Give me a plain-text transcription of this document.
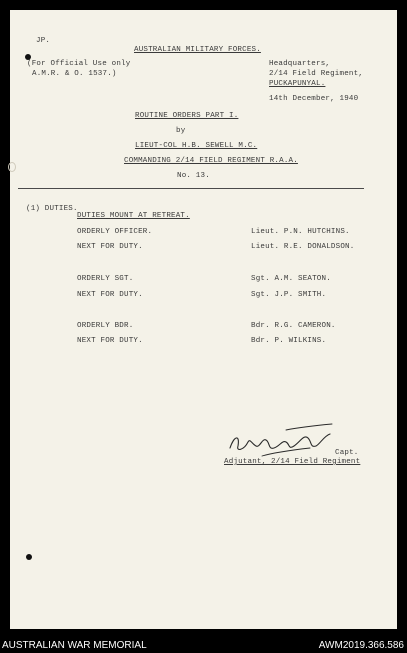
JP.
AUSTRALIAN MILITARY FORCES.
(For Official Use only
A.M.R. & O. 1537.)
Headquarters,
2/14 Field Regiment,
PUCKAPUNYAL.
14th December, 1940
ROUTINE ORDERS PART I.
by
LIEUT-COL H.B. SEWELL M.C.
COMMANDING 2/14 FIELD REGIMENT R.A.A.
No. 13.
(1) DUTIES.
DUTIES MOUNT AT RETREAT.
ORDERLY OFFICER.	Lieut. P.N. HUTCHINS.
NEXT FOR DUTY.	Lieut. R.E. DONALDSON.
ORDERLY SGT.	Sgt. A.M. SEATON.
NEXT FOR DUTY.	Sgt. J.P. SMITH.
ORDERLY BDR.	Bdr. R.G. CAMERON.
NEXT FOR DUTY.	Bdr. P. WILKINS.
Capt.
Adjutant, 2/14 Field Regiment
AUSTRALIAN WAR MEMORIAL	AWM2019.366.586
